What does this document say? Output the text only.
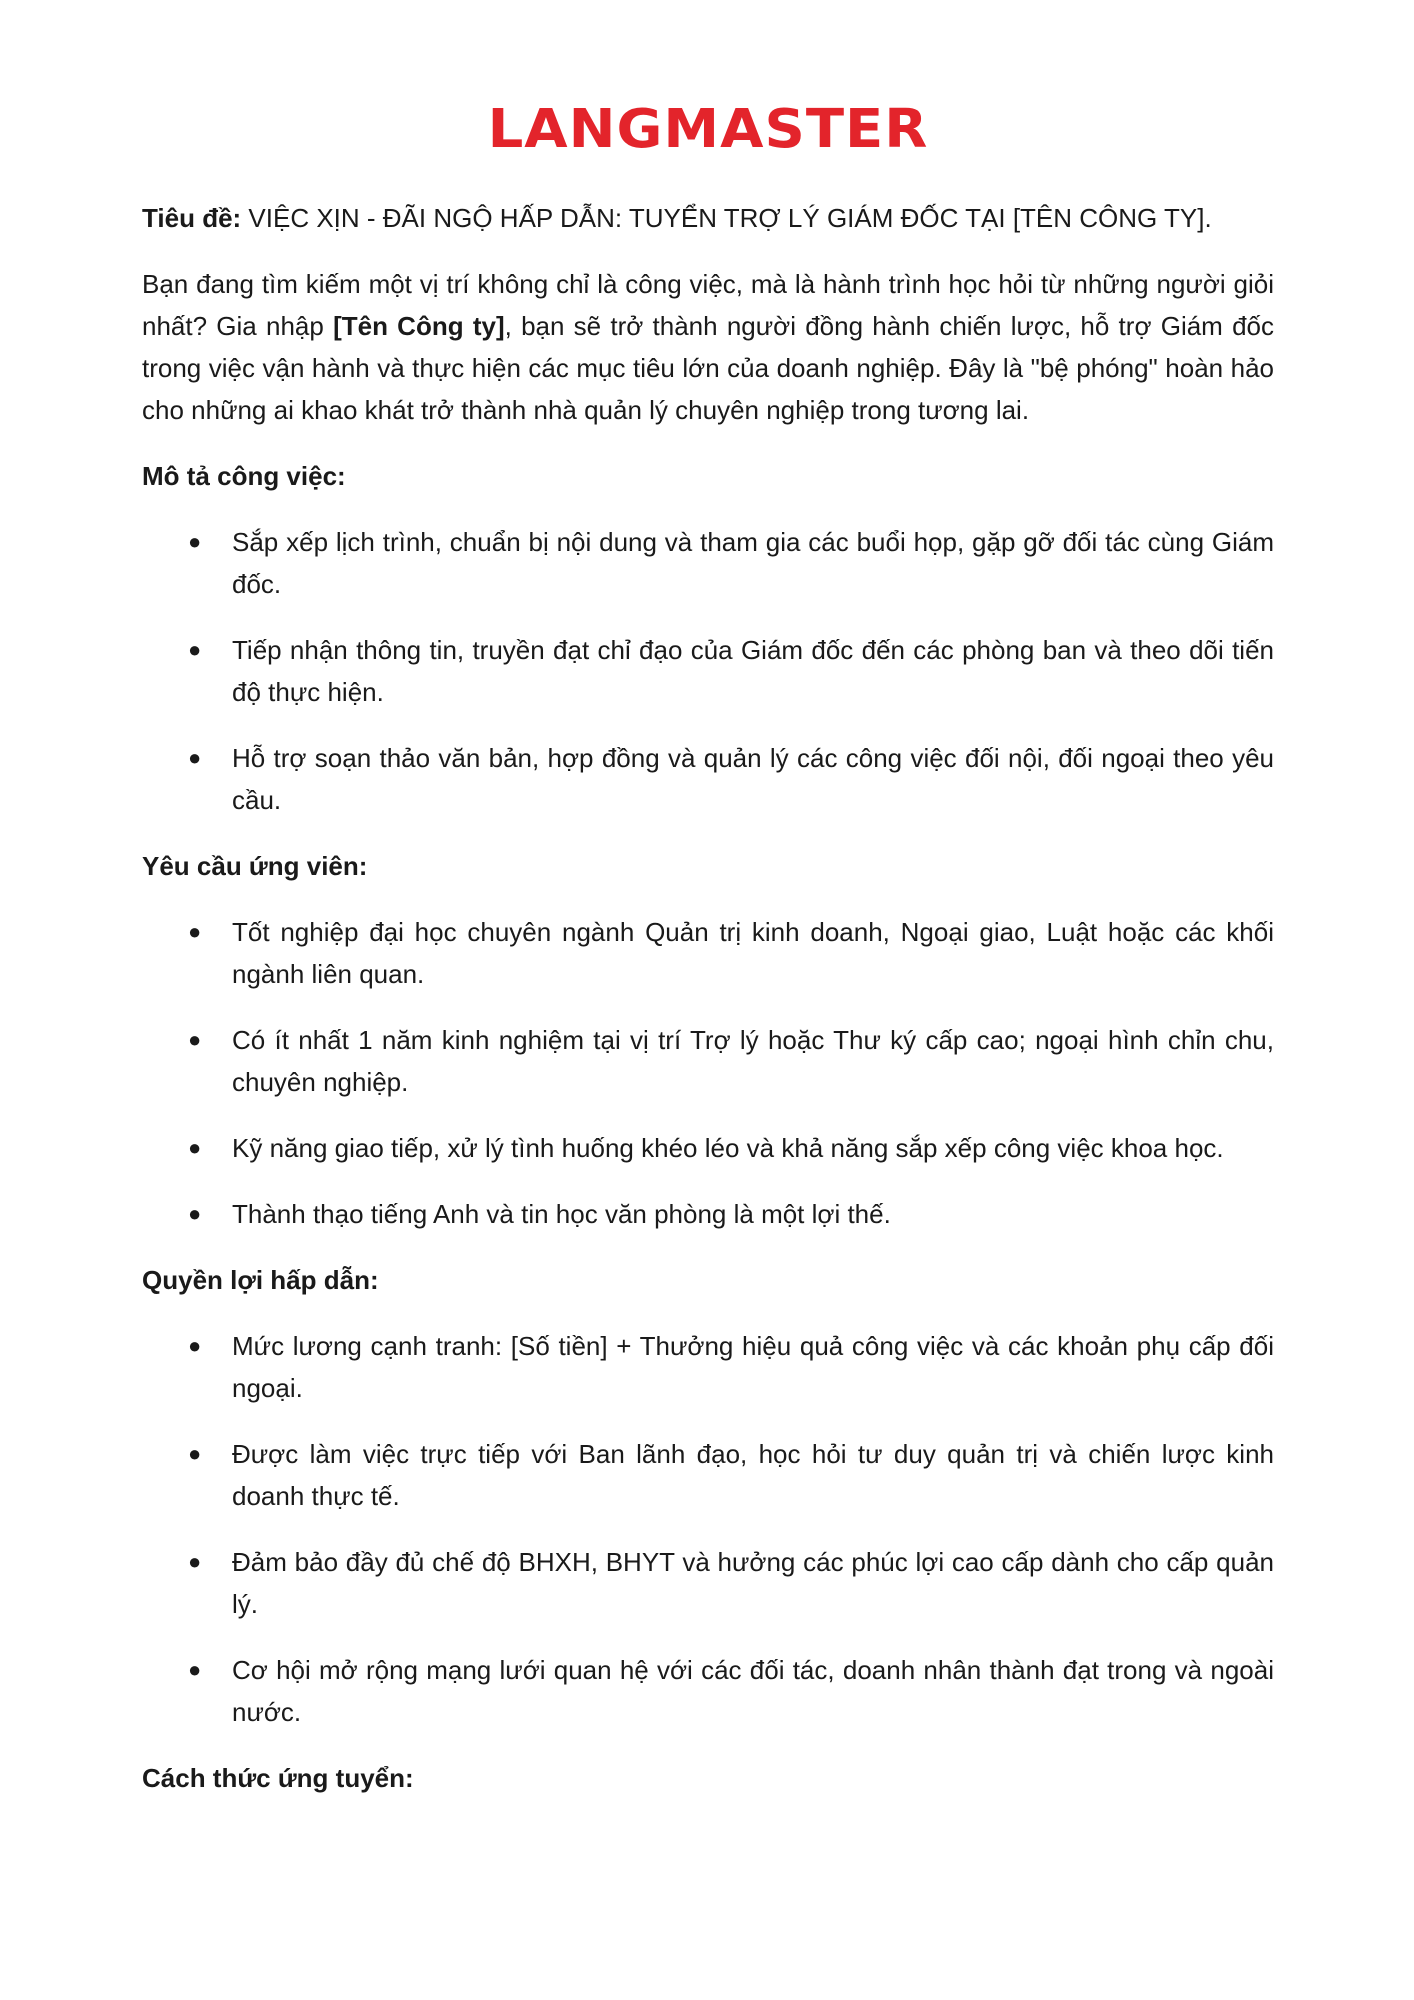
LANGMASTER

Tiêu đề: VIỆC XỊN - ĐÃI NGỘ HẤP DẪN: TUYỂN TRỢ LÝ GIÁM ĐỐC TẠI [TÊN CÔNG TY].

Bạn đang tìm kiếm một vị trí không chỉ là công việc, mà là hành trình học hỏi từ những người giỏi nhất? Gia nhập [Tên Công ty], bạn sẽ trở thành người đồng hành chiến lược, hỗ trợ Giám đốc trong việc vận hành và thực hiện các mục tiêu lớn của doanh nghiệp. Đây là "bệ phóng" hoàn hảo cho những ai khao khát trở thành nhà quản lý chuyên nghiệp trong tương lai.

Mô tả công việc:

● Sắp xếp lịch trình, chuẩn bị nội dung và tham gia các buổi họp, gặp gỡ đối tác cùng Giám đốc.
● Tiếp nhận thông tin, truyền đạt chỉ đạo của Giám đốc đến các phòng ban và theo dõi tiến độ thực hiện.
● Hỗ trợ soạn thảo văn bản, hợp đồng và quản lý các công việc đối nội, đối ngoại theo yêu cầu.

Yêu cầu ứng viên:

● Tốt nghiệp đại học chuyên ngành Quản trị kinh doanh, Ngoại giao, Luật hoặc các khối ngành liên quan.
● Có ít nhất 1 năm kinh nghiệm tại vị trí Trợ lý hoặc Thư ký cấp cao; ngoại hình chỉn chu, chuyên nghiệp.
● Kỹ năng giao tiếp, xử lý tình huống khéo léo và khả năng sắp xếp công việc khoa học.
● Thành thạo tiếng Anh và tin học văn phòng là một lợi thế.

Quyền lợi hấp dẫn:

● Mức lương cạnh tranh: [Số tiền] + Thưởng hiệu quả công việc và các khoản phụ cấp đối ngoại.
● Được làm việc trực tiếp với Ban lãnh đạo, học hỏi tư duy quản trị và chiến lược kinh doanh thực tế.
● Đảm bảo đầy đủ chế độ BHXH, BHYT và hưởng các phúc lợi cao cấp dành cho cấp quản lý.
● Cơ hội mở rộng mạng lưới quan hệ với các đối tác, doanh nhân thành đạt trong và ngoài nước.

Cách thức ứng tuyển:
